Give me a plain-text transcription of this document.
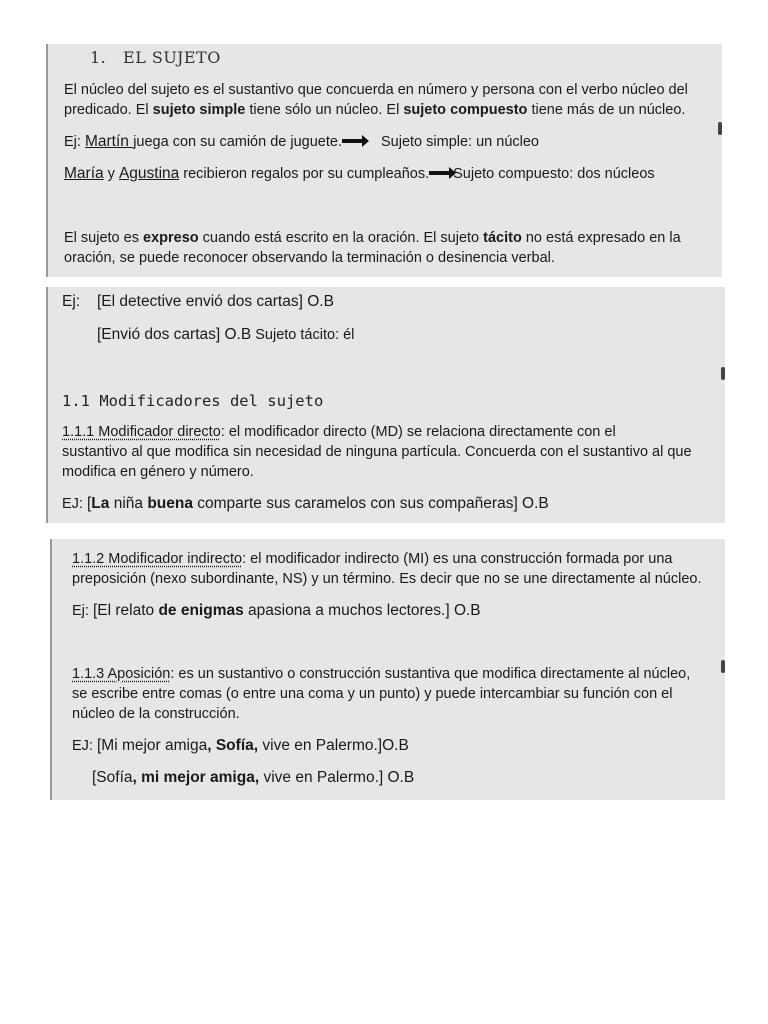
1. EL SUJETO
El núcleo del sujeto es el sustantivo que concuerda en número y persona con el verbo núcleo del
predicado. El sujeto simple tiene sólo un núcleo. El sujeto compuesto tiene más de un núcleo.
Ej: Martín juega con su camión de juguete.	Sujeto simple: un núcleo
María y Agustina recibieron regalos por su cumpleaños. Sujeto compuesto: dos núcleos
El sujeto es expreso cuando está escrito en la oración. El sujeto tácito no está expresado en la
oración, se puede reconocer observando la terminación o desinencia verbal.
Ej: [El detective envió dos cartas] O.B
[Envió dos cartas] O.B Sujeto tácito: él
1.1 Modificadores del sujeto
1.1.1 Modificador directo: el modificador directo (MD) se relaciona directamente con el
sustantivo al que modifica sin necesidad de ninguna partícula. Concuerda con el sustantivo al que
modifica en género y número.
EJ: [La niña buena comparte sus caramelos con sus compañeras] O.B
1.1.2 Modificador indirecto: el modificador indirecto (MI) es una construcción formada por una
preposición (nexo subordinante, NS) y un término. Es decir que no se une directamente al núcleo.
Ej: [El relato de enigmas apasiona a muchos lectores.] O.B
1.1.3 Aposición: es un sustantivo o construcción sustantiva que modifica directamente al núcleo,
se escribe entre comas (o entre una coma y un punto) y puede intercambiar su función con el
núcleo de la construcción.
EJ: [Mi mejor amiga, Sofía, vive en Palermo.]O.B
[Sofía, mi mejor amiga, vive en Palermo.] O.B
